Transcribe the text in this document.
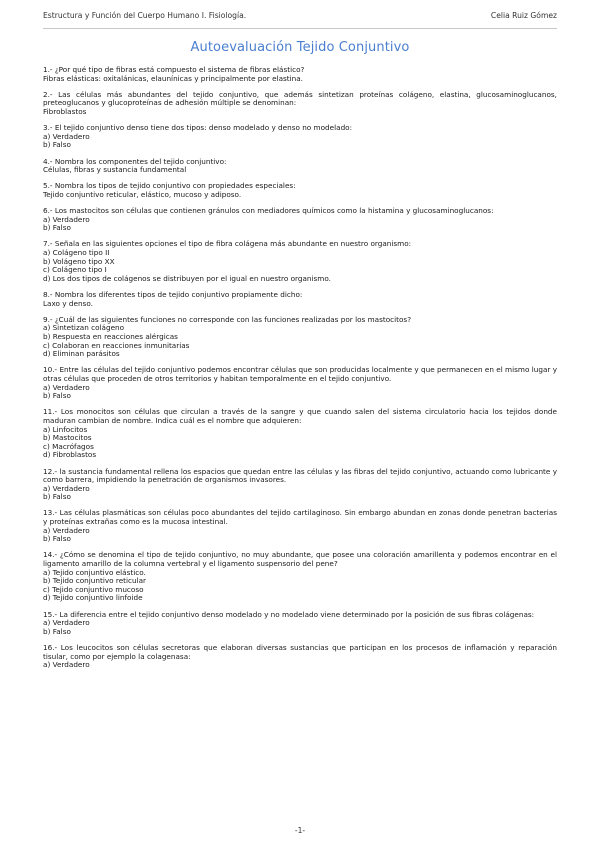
Estructura y Función del Cuerpo Humano I. Fisiología.	Celia Ruiz Gómez
Autoevaluación Tejido Conjuntivo

1.- ¿Por qué tipo de fibras está compuesto el sistema de fibras elástico?

Fibras elásticas: oxitalánicas, elaunínicas y principalmente por elastina.

2.- Las células más abundantes del tejido conjuntivo, que además sintetizan proteínas colágeno, elastina, glucosaminoglucanos, preteoglucanos y glucoproteínas de adhesión múltiple se denominan:

Fibroblastos

3.- El tejido conjuntivo denso tiene dos tipos: denso modelado y denso no modelado:

a) Verdadero
b) Falso

4.- Nombra los componentes del tejido conjuntivo:

Células, fibras y sustancia fundamental

5.- Nombra los tipos de tejido conjuntivo con propiedades especiales:

Tejido conjuntivo reticular, elástico, mucoso y adiposo.

6.- Los mastocitos son células que contienen gránulos con mediadores químicos como la histamina y glucosaminoglucanos:

a) Verdadero
b) Falso

7.- Señala en las siguientes opciones el tipo de fibra colágena más abundante en nuestro organismo:

a) Colágeno tipo II
b) Volágeno tipo XX
c) Colágeno tipo I
d) Los dos tipos de colágenos se distribuyen por el igual en nuestro organismo.

8.- Nombra los diferentes tipos de tejido conjuntivo propiamente dicho:

Laxo y denso.

9.- ¿Cuál de las siguientes funciones no corresponde con las funciones realizadas por los mastocitos?

a) Sintetizan colágeno
b) Respuesta en reacciones alérgicas
c) Colaboran en reacciones inmunitarias
d) Eliminan parásitos

10.- Entre las células del tejido conjuntivo podemos encontrar células que son producidas localmente y que permanecen en el mismo lugar y otras células que proceden de otros territorios y habitan temporalmente en el tejido conjuntivo.

a) Verdadero
b) Falso

11.- Los monocitos son células que circulan a través de la sangre y que cuando salen del sistema circulatorio hacia los tejidos donde maduran cambian de nombre. Indica cuál es el nombre que adquieren:

a) Linfocitos
b) Mastocitos
c) Macrófagos
d) Fibroblastos

12.- la sustancia fundamental rellena los espacios que quedan entre las células y las fibras del tejido conjuntivo, actuando como lubricante y como barrera, impidiendo la penetración de organismos invasores.

a) Verdadero
b) Falso

13.- Las células plasmáticas son células poco abundantes del tejido cartilaginoso. Sin embargo abundan en zonas donde penetran bacterias y proteínas extrañas como es la mucosa intestinal.

a) Verdadero
b) Falso

14.- ¿Cómo se denomina el tipo de tejido conjuntivo, no muy abundante, que posee una coloración amarillenta y podemos encontrar en el ligamento amarillo de la columna vertebral y el ligamento suspensorio del pene?

a) Tejido conjuntivo elástico.
b) Tejido conjuntivo reticular
c) Tejido conjuntivo mucoso
d) Tejido conjuntivo linfoide

15.- La diferencia entre el tejido conjuntivo denso modelado y no modelado viene determinado por la posición de sus fibras colágenas:

a) Verdadero
b) Falso

16.- Los leucocitos son células secretoras que elaboran diversas sustancias que participan en los procesos de inflamación y reparación tisular, como por ejemplo la colagenasa:

a) Verdadero
-1-
